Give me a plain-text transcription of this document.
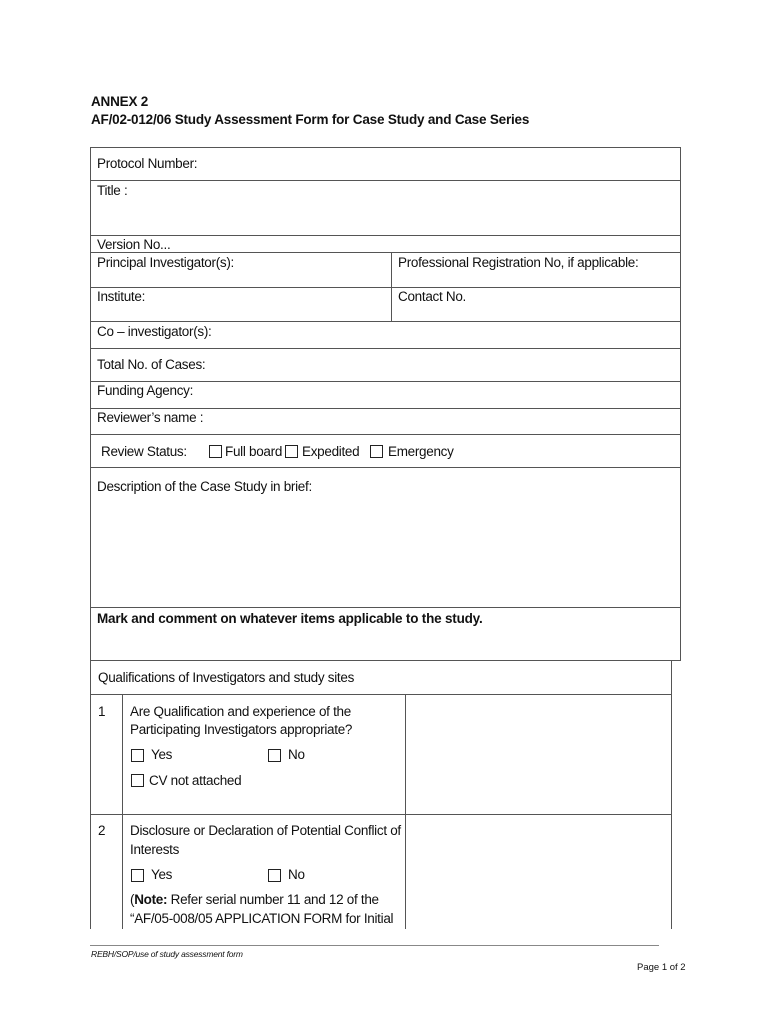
ANNEX 2
AF/02-012/06 Study Assessment Form for Case Study and Case Series
Protocol Number:
Title :
Version No...
Principal Investigator(s):	Professional Registration No, if applicable:
Institute:	Contact No.
Co – investigator(s):
Total No. of Cases:
Funding Agency:
Reviewer’s name :
Review Status:	Full board Expedited Emergency
Description of the Case Study in brief:
Mark and comment on whatever items applicable to the study.
Qualifications of Investigators and study sites
1 Are Qualification and experience of the
Participating Investigators appropriate?
Yes	No
CV not attached
2 Disclosure or Declaration of Potential Conflict of
Interests
Yes	No
(Note: Refer serial number 11 and 12 of the
“AF/05-008/05 APPLICATION FORM for Initial
REBH/SOP/use of study assessment form
Page 1 of 2
